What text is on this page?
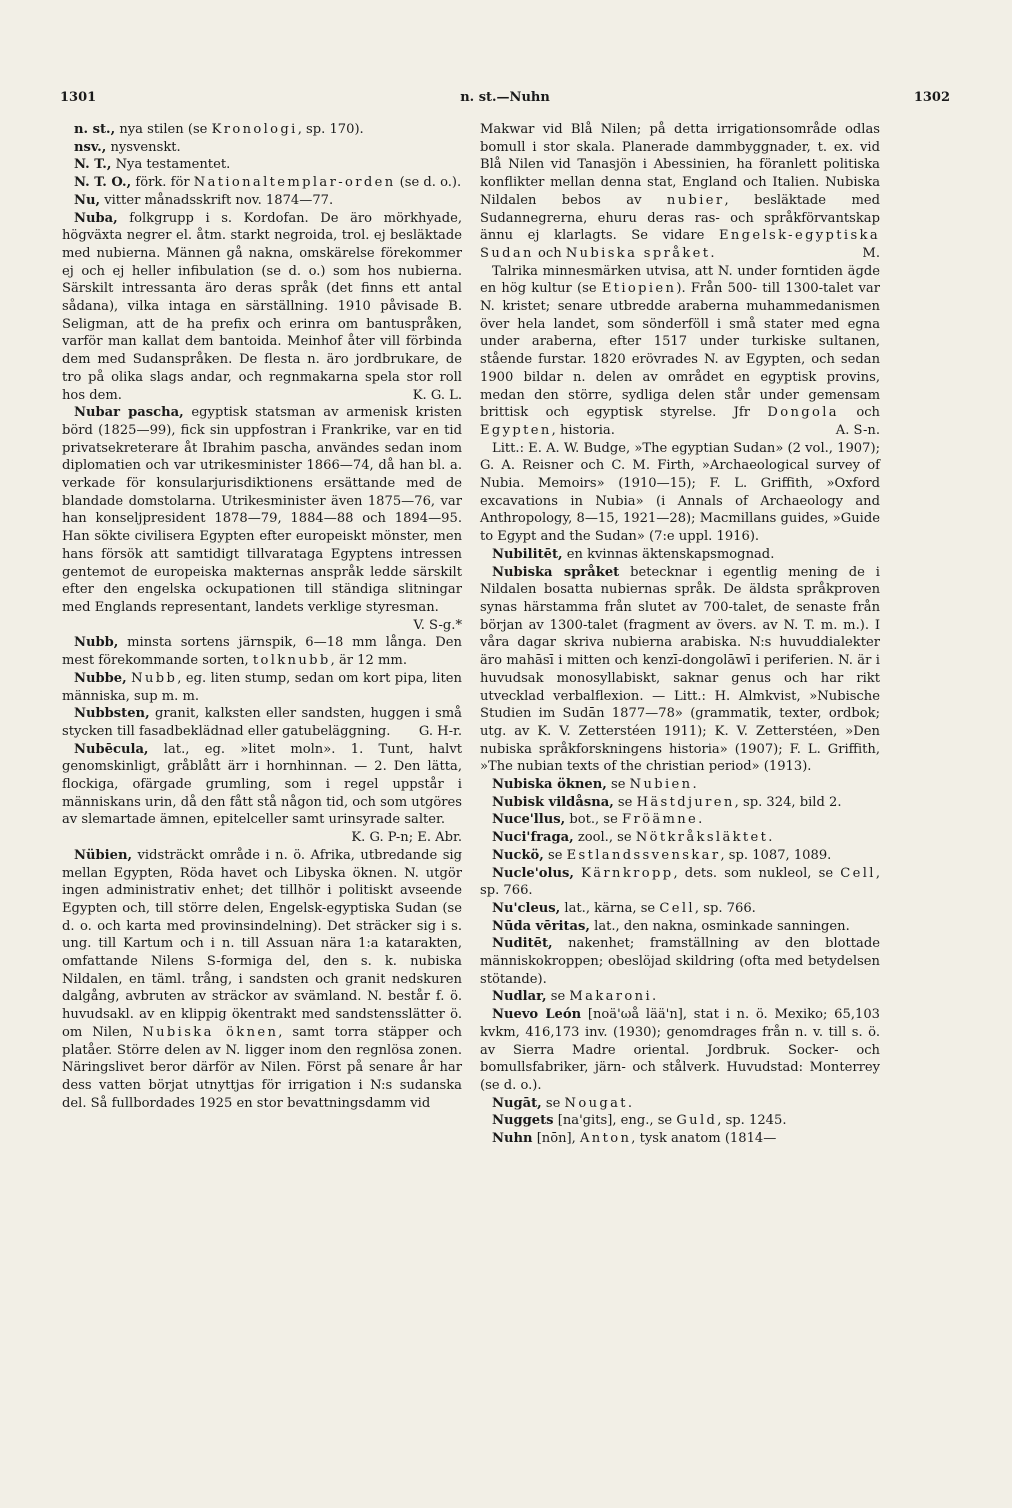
1301	n. st.—Nuhn	1302

n. st., nya stilen (se Kronologi, sp. 170).

nsv., nysvenskt.

N. T., Nya testamentet.

N. T. O., förk. för Nationaltemplar-orden (se d. o.).

Nu, vitter månadsskrift nov. 1874—77.

Nuba, folkgrupp i s. Kordofan. De äro mörkhyade, högväxta negrer el. åtm. starkt negroida, trol. ej besläktade med nubierna. Männen gå nakna, omskärelse förekommer ej och ej heller infibulation (se d. o.) som hos nubierna. Särskilt intressanta äro deras språk (det finns ett antal sådana), vilka intaga en särställning. 1910 påvisade B. Seligman, att de ha prefix och erinra om bantuspråken, varför man kallat dem bantoida. Meinhof åter vill förbinda dem med Sudanspråken. De flesta n. äro jordbrukare, de tro på olika slags andar, och regnmakarna spela stor roll hos dem.	K. G. L.

Nubar pascha, egyptisk statsman av armenisk kristen börd (1825—99), fick sin uppfostran i Frankrike, var en tid privatsekreterare åt Ibrahim pascha, användes sedan inom diplomatien och var utrikesminister 1866—74, då han bl. a. verkade för konsularjurisdiktionens ersättande med de blandade domstolarna. Utrikesminister även 1875—76, var han konseljpresident 1878—79, 1884—88 och 1894—95. Han sökte civilisera Egypten efter europeiskt mönster, men hans försök att samtidigt tillvarataga Egyptens intressen gentemot de europeiska makternas anspråk ledde särskilt efter den engelska ockupationen till ständiga slitningar med Englands representant, landets verklige styresman.
V. S-g.*

Nubb, minsta sortens järnspik, 6—18 mm långa. Den mest förekommande sorten, tolknubb, är 12 mm.

Nubbe, Nubb, eg. liten stump, sedan om kort pipa, liten människa, sup m. m.

Nubbsten, granit, kalksten eller sandsten, huggen i små stycken till fasadbeklädnad eller gatubeläggning.	G. H-r.

Nubēcula, lat., eg. »litet moln». 1. Tunt, halvt genomskinligt, gråblått ärr i hornhinnan. — 2. Den lätta, flockiga, ofärgade grumling, som i regel uppstår i människans urin, då den fått stå någon tid, och som utgöres av slemartade ämnen, epitelceller samt urinsyrade salter.
K. G. P-n; E. Abr.

Nübien, vidsträckt område i n. ö. Afrika, utbredande sig mellan Egypten, Röda havet och Libyska öknen. N. utgör ingen administrativ enhet; det tillhör i politiskt avseende Egypten och, till större delen, Engelsk-egyptiska Sudan (se d. o. och karta med provinsindelning). Det sträcker sig i s. ung. till Kartum och i n. till Assuan nära 1:a katarakten, omfattande Nilens S-formiga del, den s. k. nubiska Nildalen, en täml. trång, i sandsten och granit nedskuren dalgång, avbruten av sträckor av svämland. N. består f. ö. huvudsakl. av en klippig ökentrakt med sandstensslätter ö. om Nilen, Nubiska öknen, samt torra stäpper och platåer. Större delen av N. ligger inom den regnlösa zonen. Näringslivet beror därför av Nilen. Först på senare år har dess vatten börjat utnyttjas för irrigation i N:s sudanska del. Så fullbordades 1925 en stor bevattningsdamm vid

Makwar vid Blå Nilen; på detta irrigationsområde odlas bomull i stor skala. Planerade dammbyggnader, t. ex. vid Blå Nilen vid Tanasjön i Abessinien, ha föranlett politiska konflikter mellan denna stat, England och Italien. Nubiska Nildalen bebos av nubier, besläktade med Sudannegrerna, ehuru deras ras- och språkförvantskap ännu ej klarlagts. Se vidare Engelsk-egyptiska Sudan och Nubiska språket.	M.

Talrika minnesmärken utvisa, att N. under forntiden ägde en hög kultur (se Etiopien). Från 500- till 1300-talet var N. kristet; senare utbredde araberna muhammedanismen över hela landet, som sönderföll i små stater med egna under araberna, efter 1517 under turkiske sultanen, stående furstar. 1820 erövrades N. av Egypten, och sedan 1900 bildar n. delen av området en egyptisk provins, medan den större, sydliga delen står under gemensam brittisk och egyptisk styrelse. Jfr Dongola och Egypten, historia.	A. S-n.

Litt.: E. A. W. Budge, »The egyptian Sudan» (2 vol., 1907); G. A. Reisner och C. M. Firth, »Archaeological survey of Nubia. Memoirs» (1910—15); F. L. Griffith, »Oxford excavations in Nubia» (i Annals of Archaeology and Anthropology, 8—15, 1921—28); Macmillans guides, »Guide to Egypt and the Sudan» (7:e uppl. 1916).

Nubilitēt, en kvinnas äktenskapsmognad.

Nubiska språket betecknar i egentlig mening de i Nildalen bosatta nubiernas språk. De äldsta språkproven synas härstamma från slutet av 700-talet, de senaste från början av 1300-talet (fragment av övers. av N. T. m. m.). I våra dagar skriva nubierna arabiska. N:s huvuddialekter äro mahāsī i mitten och kenzī-dongolāwī i periferien. N. är i huvudsak monosyllabiskt, saknar genus och har rikt utvecklad verbalflexion. — Litt.: H. Almkvist, »Nubische Studien im Sudān 1877—78» (grammatik, texter, ordbok; utg. av K. V. Zetterstéen 1911); K. V. Zetterstéen, »Den nubiska språkforskningens historia» (1907); F. L. Griffith, »The nubian texts of the christian period» (1913).

Nubiska öknen, se Nubien.

Nubisk vildåsna, se Hästdjuren, sp. 324, bild 2.

Nuce'llus, bot., se Fröämne.

Nuci'fraga, zool., se Nötkråksläktet.

Nuckö, se Estlandssvenskar, sp. 1087, 1089.

Nucle'olus, Kärnkropp, dets. som nukleol, se Cell, sp. 766.

Nu'cleus, lat., kärna, se Cell, sp. 766.

Nūda vēritas, lat., den nakna, osminkade sanningen.

Nuditēt, nakenhet; framställning av den blottade människokroppen; obeslöjad skildring (ofta med betydelsen stötande).

Nudlar, se Makaroni.

Nuevo León [noä'ωå lää'n], stat i n. ö. Mexiko; 65,103 kvkm, 416,173 inv. (1930); genomdrages från n. v. till s. ö. av Sierra Madre oriental. Jordbruk. Socker- och bomullsfabriker, järn- och stålverk. Huvudstad: Monterrey (se d. o.).

Nugāt, se Nougat.

Nuggets [na'gits], eng., se Guld, sp. 1245.

Nuhn [nōn], Anton, tysk anatom (1814—
